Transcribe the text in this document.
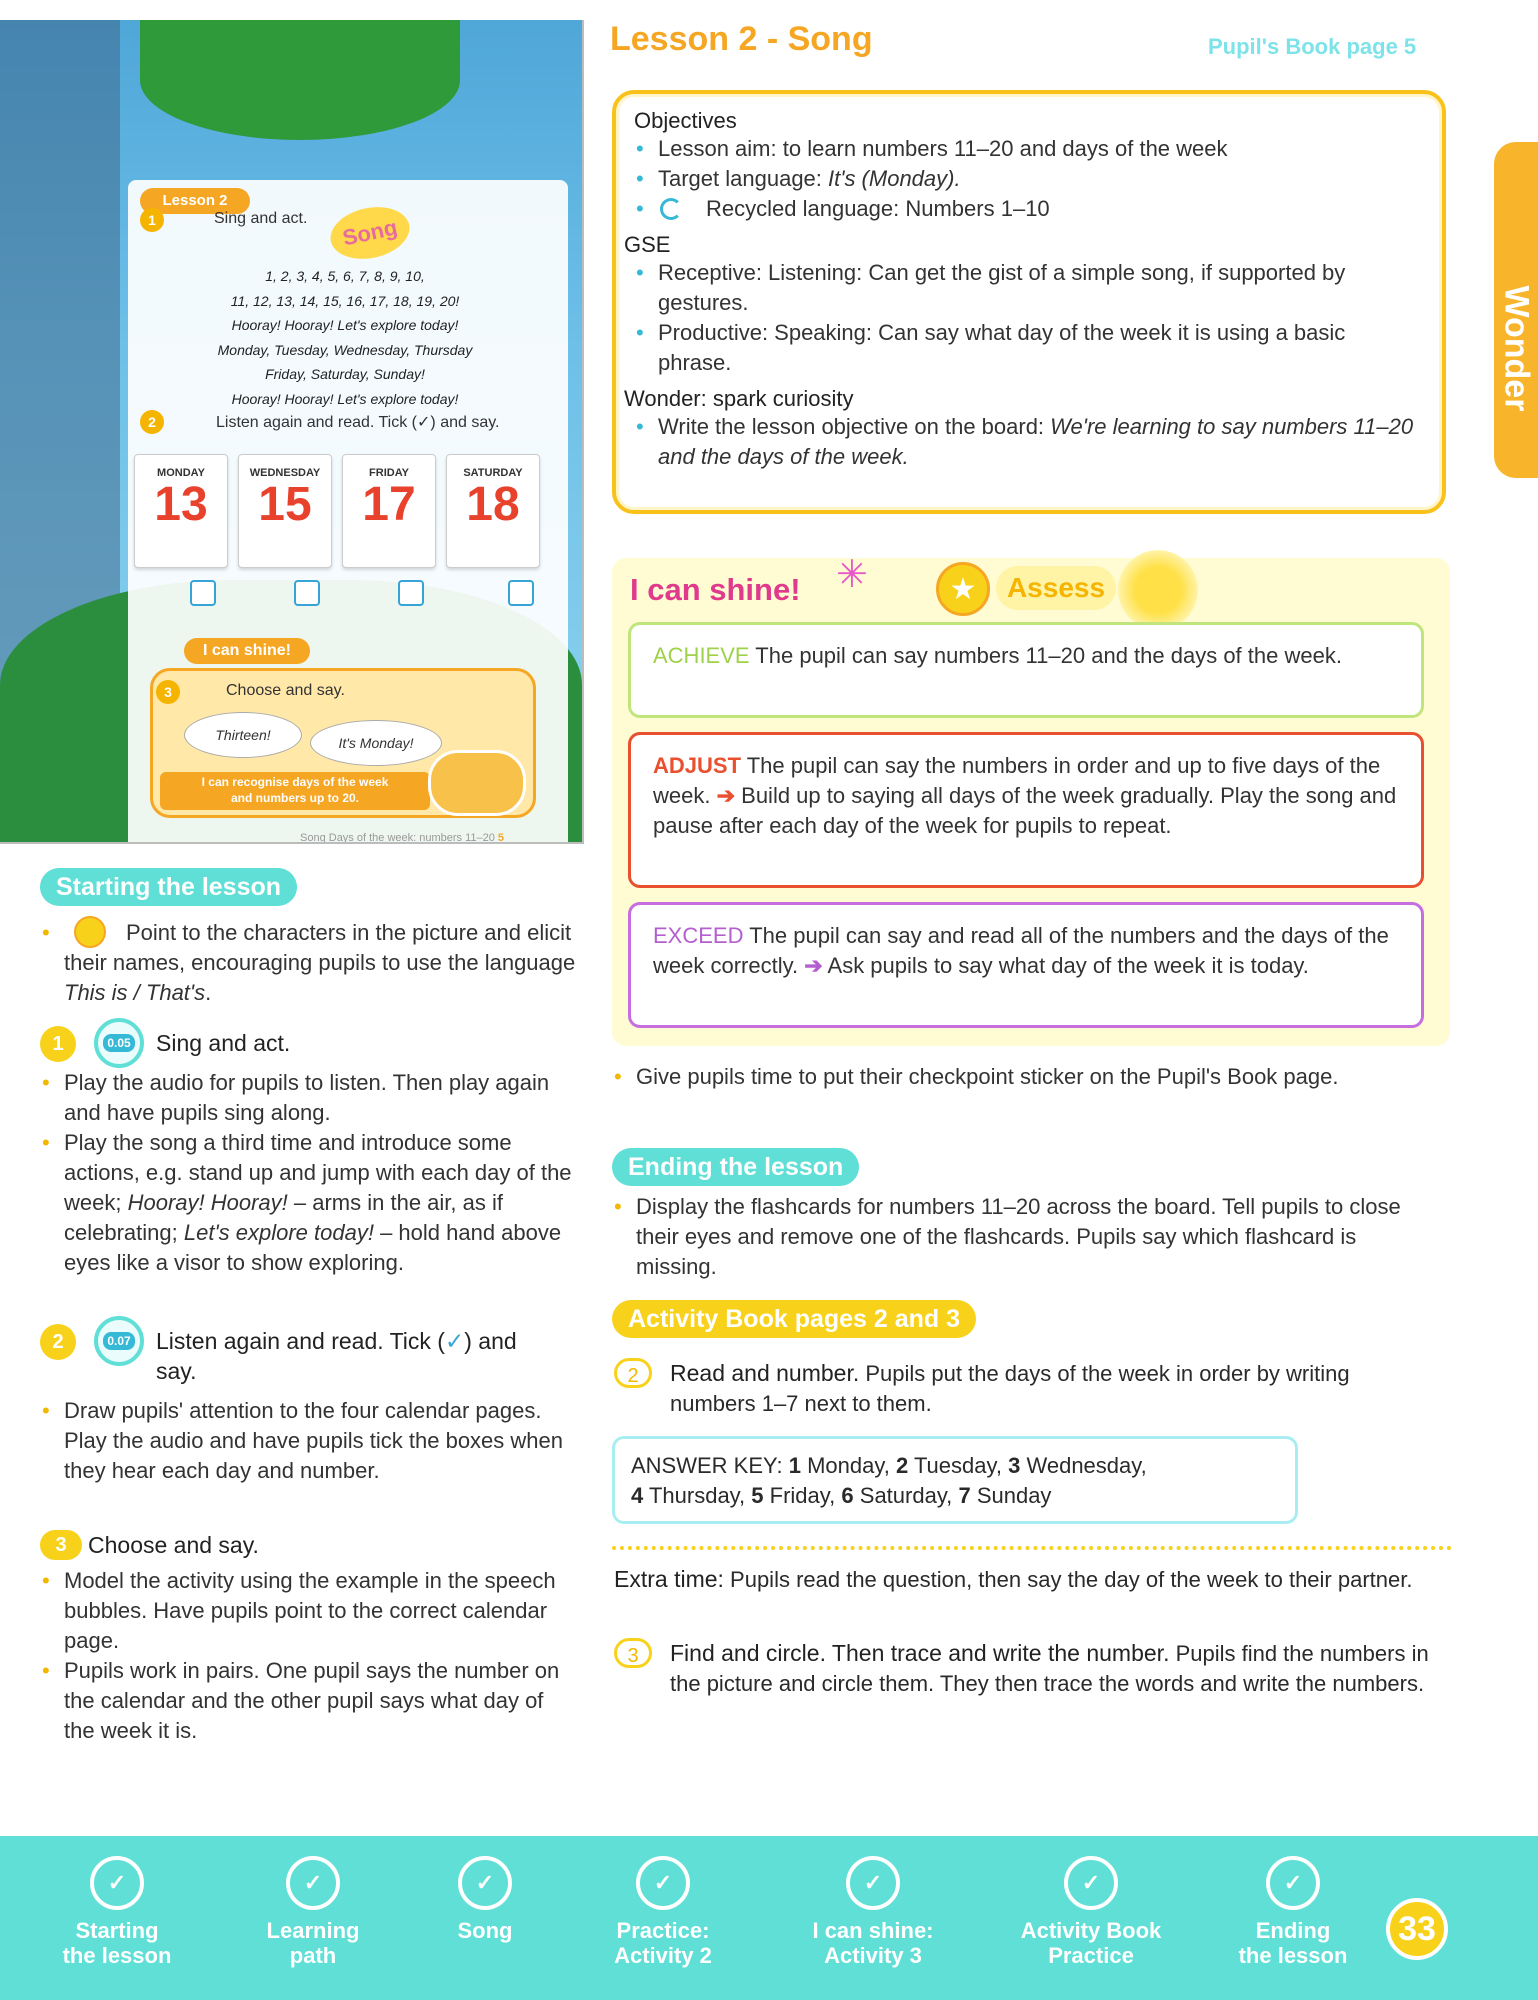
Lesson 2
Song
1	Sing and act.
1, 2, 3, 4, 5, 6, 7, 8, 9, 10,
11, 12, 13, 14, 15, 16, 17, 18, 19, 20!
Hooray! Hooray! Let's explore today!
Monday, Tuesday, Wednesday, Thursday
Friday, Saturday, Sunday!
Hooray! Hooray! Let's explore today!
2	Listen again and read. Tick (✓) and say.
MONDAY
13
WEDNESDAY
15
FRIDAY
17
SATURDAY
18
I can shine!
3	Choose and say.
Thirteen!	It's Monday!
I can recognise days of the week
and numbers up to 20.
Song Days of the week: numbers 11–20 5
Starting the lesson
• Point to the characters in the picture and elicit their names, encouraging pupils to use the language This is / That's.
1	0.05	Sing and act.
• Play the audio for pupils to listen. Then play again and have pupils sing along.
• Play the song a third time and introduce some actions, e.g. stand up and jump with each day of the week; Hooray! Hooray! – arms in the air, as if celebrating; Let's explore today! – hold hand above eyes like a visor to show exploring.
2	0.07	Listen again and read. Tick (✓) and say.
• Draw pupils' attention to the four calendar pages. Play the audio and have pupils tick the boxes when they hear each day and number.
3 Choose and say.
• Model the activity using the example in the speech bubbles. Have pupils point to the correct calendar page.
• Pupils work in pairs. One pupil says the number on the calendar and the other pupil says what day of the week it is.
Lesson 2 - Song	Pupil's Book page 5
Objectives
• Lesson aim: to learn numbers 11–20 and days of the week
• Target language: It's (Monday).
• Recycled language: Numbers 1–10
GSE
• Receptive: Listening: Can get the gist of a simple song, if supported by gestures.
• Productive: Speaking: Can say what day of the week it is using a basic phrase.
Wonder: spark curiosity
• Write the lesson objective on the board: We're learning to say numbers 11–20 and the days of the week.
I can shine! ✳	★	Assess
ACHIEVE The pupil can say numbers 11–20 and the days of the week.
ADJUST The pupil can say the numbers in order and up to five days of the week. ➔ Build up to saying all days of the week gradually. Play the song and pause after each day of the week for pupils to repeat.
EXCEED The pupil can say and read all of the numbers and the days of the week correctly. ➔ Ask pupils to say what day of the week it is today.
• Give pupils time to put their checkpoint sticker on the Pupil's Book page.
Ending the lesson
• Display the flashcards for numbers 11–20 across the board. Tell pupils to close their eyes and remove one of the flashcards. Pupils say which flashcard is missing.
Activity Book pages 2 and 3
2	Read and number. Pupils put the days of the week in order by writing numbers 1–7 next to them.
ANSWER KEY: 1 Monday, 2 Tuesday, 3 Wednesday,
4 Thursday, 5 Friday, 6 Saturday, 7 Sunday
Extra time: Pupils read the question, then say the day of the week to their partner.
3	Find and circle. Then trace and write the number. Pupils find the numbers in the picture and circle them. They then trace the words and write the numbers.
✓
Starting
the lesson
✓
Learning
path
✓
Song
✓
Practice:
Activity 2
✓
I can shine:
Activity 3
✓
Activity Book
Practice
✓
Ending
the lesson
33
